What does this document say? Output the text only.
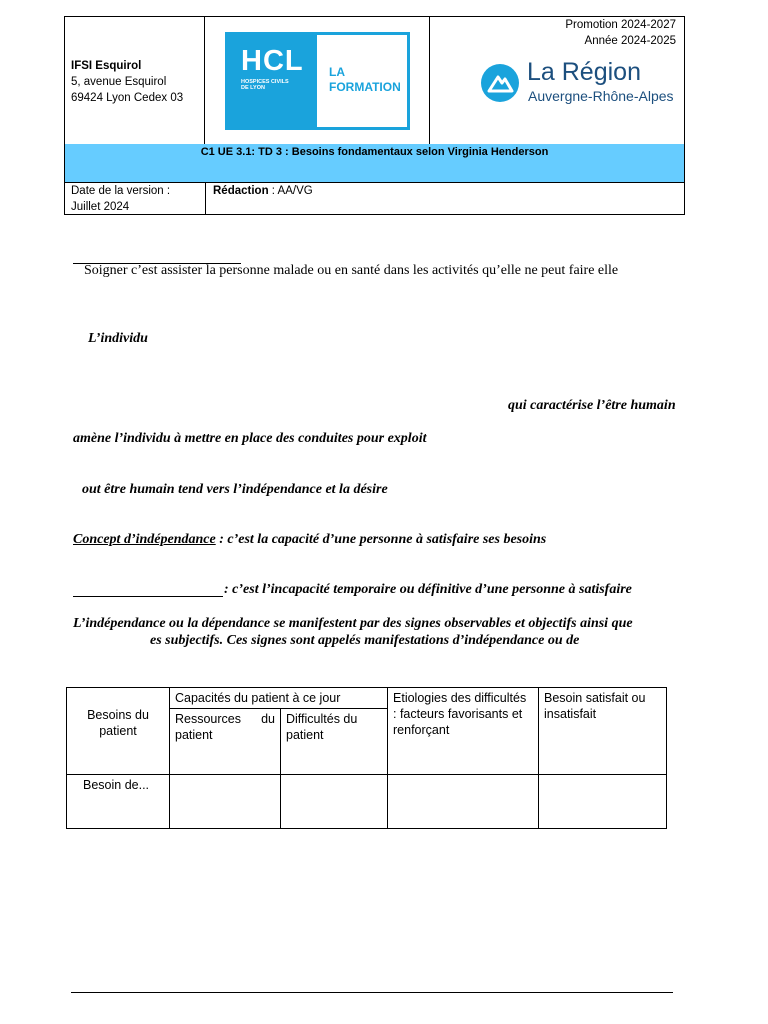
IFSI Esquirol
5, avenue Esquirol
69424 Lyon Cedex 03
HCL
HOSPICES CIVILS
DE LYON
LA
FORMATION
Promotion 2024-2027
Année 2024-2025
La Région
Auvergne-Rhône-Alpes
C1 UE 3.1: TD 3 : Besoins fondamentaux selon Virginia Henderson
Date de la version :
Juillet 2024
Rédaction : AA/VG
Soigner c’est assister la personne malade ou en santé dans les activités qu’elle ne peut faire elle
L’individu
qui caractérise l’être humain
amène l’individu à mettre en place des conduites pour exploit
out être humain tend vers l’indépendance et la désire
Concept d’indépendance : c’est la capacité d’une personne à satisfaire ses besoins
: c’est l’incapacité temporaire ou définitive d’une personne à satisfaire
L’indépendance ou la dépendance se manifestent par des signes observables et objectifs ainsi que
es subjectifs. Ces signes sont appelés manifestations d’indépendance ou de
Besoins du patient	Capacités du patient à ce jour		Etiologies des difficultés : facteurs favorisants et renforçant	Besoin satisfait ou insatisfait
	Ressources du patient	Difficultés du patient		
Besoin de...				
